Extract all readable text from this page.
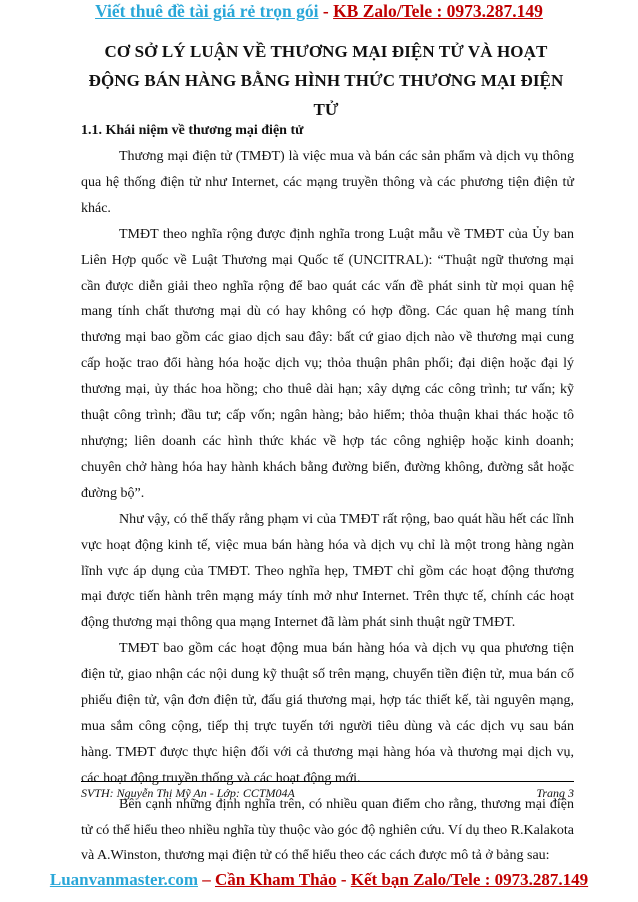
Viết thuê đề tài giá rẻ trọn gói - KB Zalo/Tele : 0973.287.149
CƠ SỞ LÝ LUẬN VỀ THƯƠNG MẠI ĐIỆN TỬ VÀ HOẠT ĐỘNG BÁN HÀNG BẰNG HÌNH THỨC THƯƠNG MẠI ĐIỆN TỬ
1.1. Khái niệm về thương mại điện tử

Thương mại điện tử (TMĐT) là việc mua và bán các sản phẩm và dịch vụ thông qua hệ thống điện tử như Internet, các mạng truyền thông và các phương tiện điện tử khác.

TMĐT theo nghĩa rộng được định nghĩa trong Luật mẫu về TMĐT của Ủy ban Liên Hợp quốc về Luật Thương mại Quốc tế (UNCITRAL): “Thuật ngữ thương mại cần được diễn giải theo nghĩa rộng để bao quát các vấn đề phát sinh từ mọi quan hệ mang tính chất thương mại dù có hay không có hợp đồng. Các quan hệ mang tính thương mại bao gồm các giao dịch sau đây: bất cứ giao dịch nào về thương mại cung cấp hoặc trao đổi hàng hóa hoặc dịch vụ; thỏa thuận phân phối; đại diện hoặc đại lý thương mại, ủy thác hoa hồng; cho thuê dài hạn; xây dựng các công trình; tư vấn; kỹ thuật công trình; đầu tư; cấp vốn; ngân hàng; bảo hiểm; thỏa thuận khai thác hoặc tô nhượng; liên doanh các hình thức khác về hợp tác công nghiệp hoặc kinh doanh; chuyên chở hàng hóa hay hành khách bằng đường biển, đường không, đường sắt hoặc đường bộ”.

Như vậy, có thể thấy rằng phạm vi của TMĐT rất rộng, bao quát hầu hết các lĩnh vực hoạt động kinh tế, việc mua bán hàng hóa và dịch vụ chỉ là một trong hàng ngàn lĩnh vực áp dụng của TMĐT. Theo nghĩa hẹp, TMĐT chỉ gồm các hoạt động thương mại được tiến hành trên mạng máy tính mở như Internet. Trên thực tế, chính các hoạt động thương mại thông qua mạng Internet đã làm phát sinh thuật ngữ TMĐT.

TMĐT bao gồm các hoạt động mua bán hàng hóa và dịch vụ qua phương tiện điện tử, giao nhận các nội dung kỹ thuật số trên mạng, chuyển tiền điện tử, mua bán cổ phiếu điện tử, vận đơn điện tử, đấu giá thương mại, hợp tác thiết kế, tài nguyên mạng, mua sắm công cộng, tiếp thị trực tuyến tới người tiêu dùng và các dịch vụ sau bán hàng. TMĐT được thực hiện đối với cả thương mại hàng hóa và thương mại dịch vụ, các hoạt động truyền thống và các hoạt động mới.

Bên cạnh những định nghĩa trên, có nhiều quan điểm cho rằng, thương mại điện tử có thể hiểu theo nhiều nghĩa tùy thuộc vào góc độ nghiên cứu. Ví dụ theo R.Kalakota và A.Winston, thương mại điện tử có thể hiểu theo các cách được mô tả ở bảng sau:

SVTH: Nguyễn Thị Mỹ An - Lớp: CCTM04A	Trang 3
Luanvanmaster.com – Cần Kham Thảo - Kết bạn Zalo/Tele : 0973.287.149
